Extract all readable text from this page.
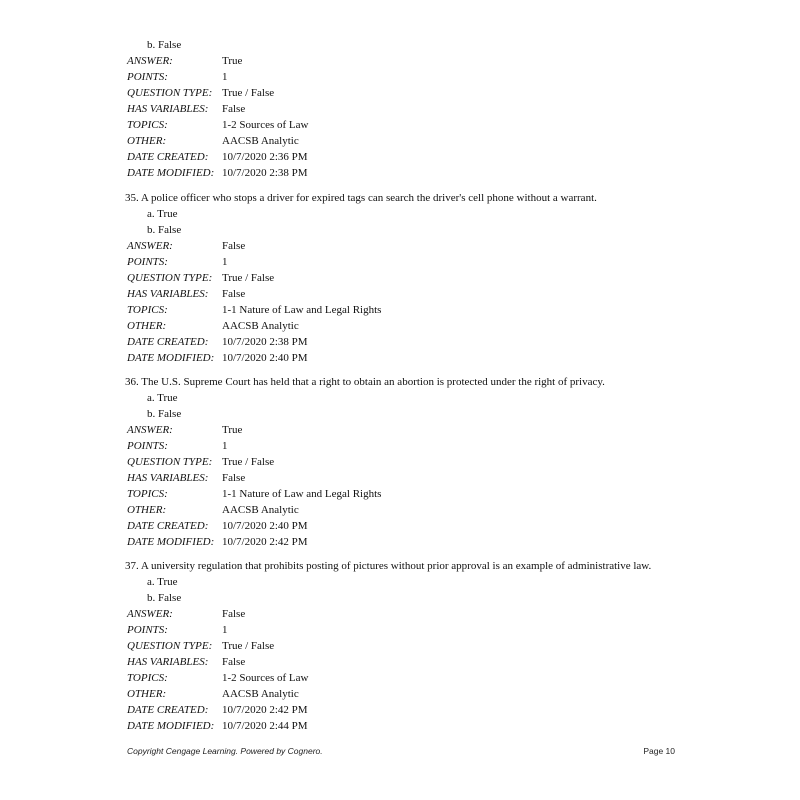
b. False
ANSWER:	True
POINTS:	1
QUESTION TYPE: True / False
HAS VARIABLES:	False
TOPICS:	1-2 Sources of Law
OTHER:	AACSB Analytic
DATE CREATED:	10/7/2020 2:36 PM
DATE MODIFIED: 10/7/2020 2:38 PM
35. A police officer who stops a driver for expired tags can search the driver's cell phone without a warrant.
a. True
b. False
ANSWER:	False
POINTS:	1
QUESTION TYPE: True / False
HAS VARIABLES:	False
TOPICS:	1-1 Nature of Law and Legal Rights
OTHER:	AACSB Analytic
DATE CREATED:	10/7/2020 2:38 PM
DATE MODIFIED: 10/7/2020 2:40 PM
36. The U.S. Supreme Court has held that a right to obtain an abortion is protected under the right of privacy.
a. True
b. False
ANSWER:	True
POINTS:	1
QUESTION TYPE: True / False
HAS VARIABLES:	False
TOPICS:	1-1 Nature of Law and Legal Rights
OTHER:	AACSB Analytic
DATE CREATED:	10/7/2020 2:40 PM
DATE MODIFIED: 10/7/2020 2:42 PM
37. A university regulation that prohibits posting of pictures without prior approval is an example of administrative law.
a. True
b. False
ANSWER:	False
POINTS:	1
QUESTION TYPE: True / False
HAS VARIABLES:	False
TOPICS:	1-2 Sources of Law
OTHER:	AACSB Analytic
DATE CREATED:	10/7/2020 2:42 PM
DATE MODIFIED: 10/7/2020 2:44 PM
Copyright Cengage Learning. Powered by Cognero.	Page 10
